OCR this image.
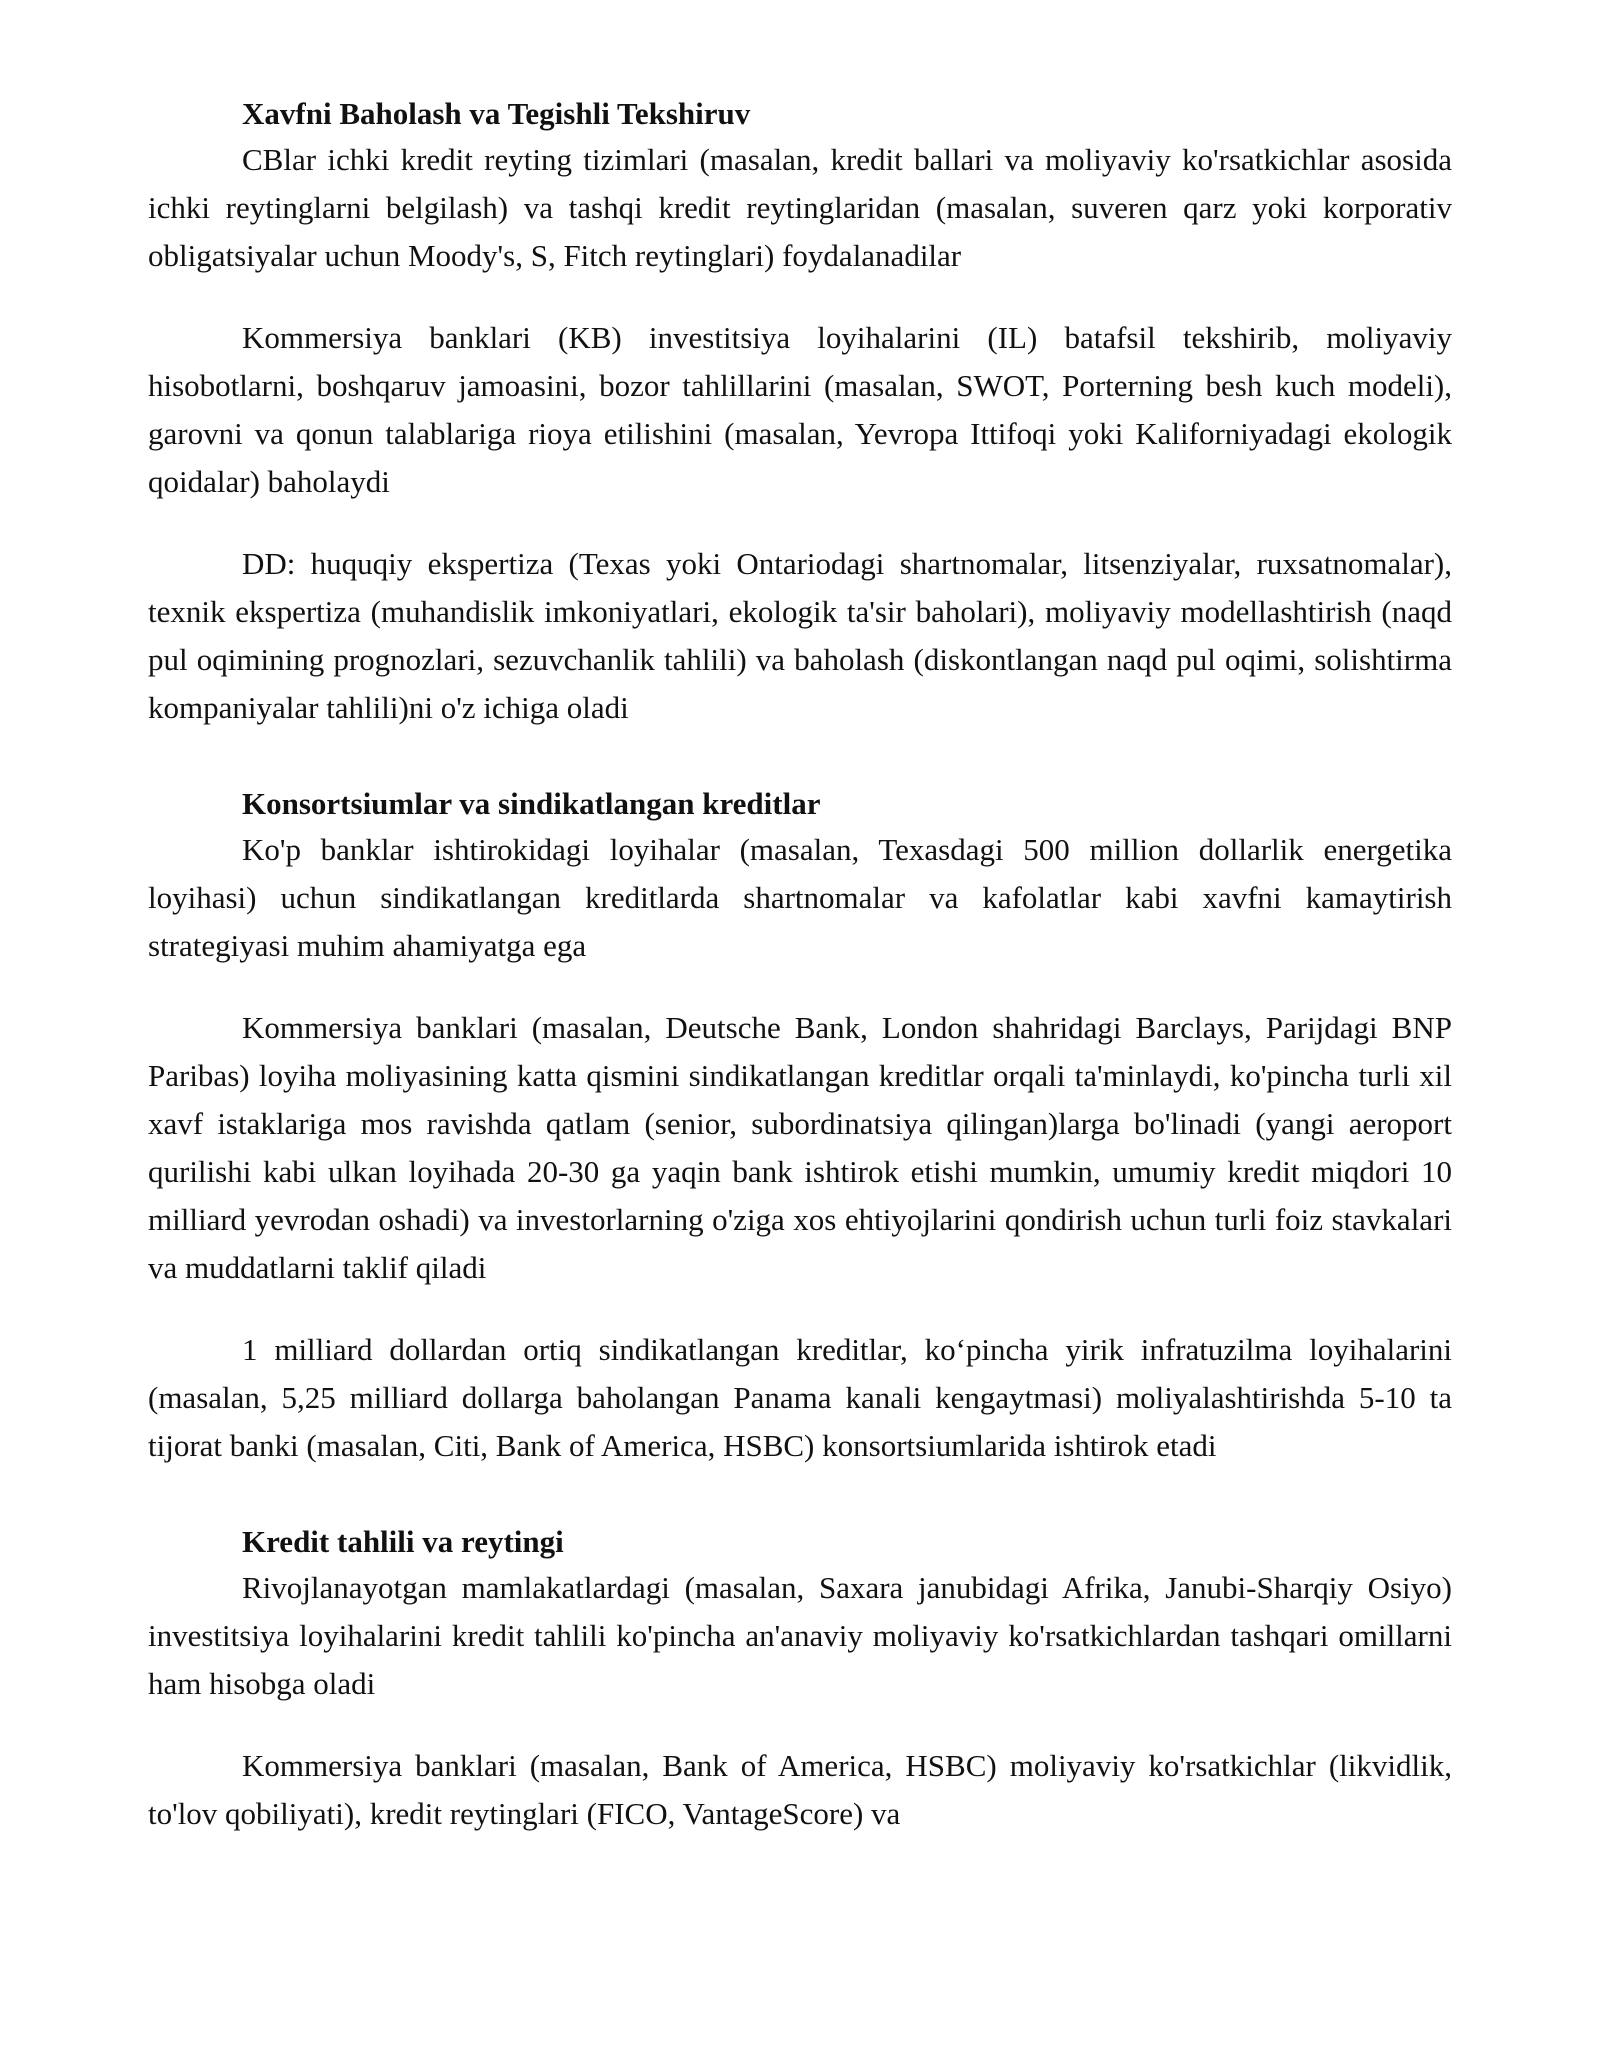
Xavfni Baholash va Tegishli Tekshiruv

CBlar ichki kredit reyting tizimlari (masalan, kredit ballari va moliyaviy ko'rsatkichlar asosida ichki reytinglarni belgilash) va tashqi kredit reytinglaridan (masalan, suveren qarz yoki korporativ obligatsiyalar uchun Moody's, S, Fitch reytinglari) foydalanadilar

Kommersiya banklari (KB) investitsiya loyihalarini (IL) batafsil tekshirib, moliyaviy hisobotlarni, boshqaruv jamoasini, bozor tahlillarini (masalan, SWOT, Porterning besh kuch modeli), garovni va qonun talablariga rioya etilishini (masalan, Yevropa Ittifoqi yoki Kaliforniyadagi ekologik qoidalar) baholaydi

DD: huquqiy ekspertiza (Texas yoki Ontariodagi shartnomalar, litsenziyalar, ruxsatnomalar), texnik ekspertiza (muhandislik imkoniyatlari, ekologik ta'sir baholari), moliyaviy modellashtirish (naqd pul oqimining prognozlari, sezuvchanlik tahlili) va baholash (diskontlangan naqd pul oqimi, solishtirma kompaniyalar tahlili)ni o'z ichiga oladi

Konsortsiumlar va sindikatlangan kreditlar

Ko'p banklar ishtirokidagi loyihalar (masalan, Texasdagi 500 million dollarlik energetika loyihasi) uchun sindikatlangan kreditlarda shartnomalar va kafolatlar kabi xavfni kamaytirish strategiyasi muhim ahamiyatga ega

Kommersiya banklari (masalan, Deutsche Bank, London shahridagi Barclays, Parijdagi BNP Paribas) loyiha moliyasining katta qismini sindikatlangan kreditlar orqali ta'minlaydi, ko'pincha turli xil xavf istaklariga mos ravishda qatlam (senior, subordinatsiya qilingan)larga bo'linadi (yangi aeroport qurilishi kabi ulkan loyihada 20-30 ga yaqin bank ishtirok etishi mumkin, umumiy kredit miqdori 10 milliard yevrodan oshadi) va investorlarning o'ziga xos ehtiyojlarini qondirish uchun turli foiz stavkalari va muddatlarni taklif qiladi

1 milliard dollardan ortiq sindikatlangan kreditlar, ko‘pincha yirik infratuzilma loyihalarini (masalan, 5,25 milliard dollarga baholangan Panama kanali kengaytmasi) moliyalashtirishda 5-10 ta tijorat banki (masalan, Citi, Bank of America, HSBC) konsortsiumlarida ishtirok etadi

Kredit tahlili va reytingi

Rivojlanayotgan mamlakatlardagi (masalan, Saxara janubidagi Afrika, Janubi-Sharqiy Osiyo) investitsiya loyihalarini kredit tahlili ko'pincha an'anaviy moliyaviy ko'rsatkichlardan tashqari omillarni ham hisobga oladi

Kommersiya banklari (masalan, Bank of America, HSBC) moliyaviy ko'rsatkichlar (likvidlik, to'lov qobiliyati), kredit reytinglari (FICO, VantageScore) va
